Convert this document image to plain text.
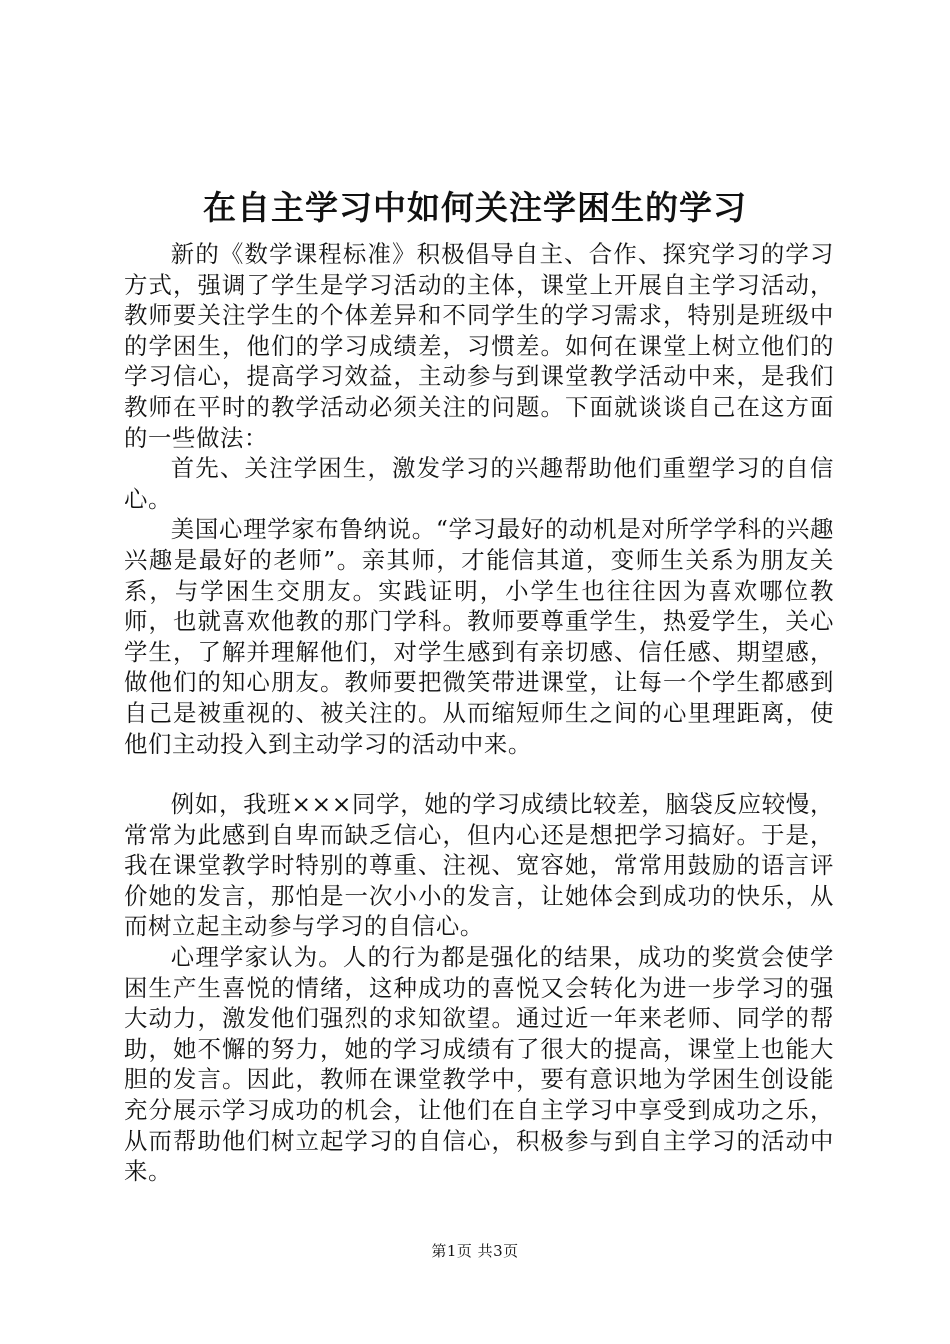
在自主学习中如何关注学困生的学习

新的《数学课程标准》积极倡导自主、合作、探究学习的学习方式，强调了学生是学习活动的主体，课堂上开展自主学习活动，教师要关注学生的个体差异和不同学生的学习需求，特别是班级中的学困生，他们的学习成绩差，习惯差。如何在课堂上树立他们的学习信心，提高学习效益，主动参与到课堂教学活动中来，是我们教师在平时的教学活动必须关注的问题。下面就谈谈自己在这方面的一些做法：

首先、关注学困生，激发学习的兴趣帮助他们重塑学习的自信心。

美国心理学家布鲁纳说。“学习最好的动机是对所学学科的兴趣兴趣是最好的老师”。亲其师，才能信其道，变师生关系为朋友关系，与学困生交朋友。实践证明，小学生也往往因为喜欢哪位教师，也就喜欢他教的那门学科。教师要尊重学生，热爱学生，关心学生，了解并理解他们，对学生感到有亲切感、信任感、期望感，做他们的知心朋友。教师要把微笑带进课堂，让每一个学生都感到自己是被重视的、被关注的。从而缩短师生之间的心里理距离，使他们主动投入到主动学习的活动中来。

例如，我班×××同学，她的学习成绩比较差，脑袋反应较慢，常常为此感到自卑而缺乏信心，但内心还是想把学习搞好。于是，我在课堂教学时特别的尊重、注视、宽容她，常常用鼓励的语言评价她的发言，那怕是一次小小的发言，让她体会到成功的快乐，从而树立起主动参与学习的自信心。

心理学家认为。人的行为都是强化的结果，成功的奖赏会使学困生产生喜悦的情绪，这种成功的喜悦又会转化为进一步学习的强大动力，激发他们强烈的求知欲望。通过近一年来老师、同学的帮助，她不懈的努力，她的学习成绩有了很大的提高，课堂上也能大胆的发言。因此，教师在课堂教学中，要有意识地为学困生创设能充分展示学习成功的机会，让他们在自主学习中享受到成功之乐，从而帮助他们树立起学习的自信心，积极参与到自主学习的活动中来。

第1页 共3页
